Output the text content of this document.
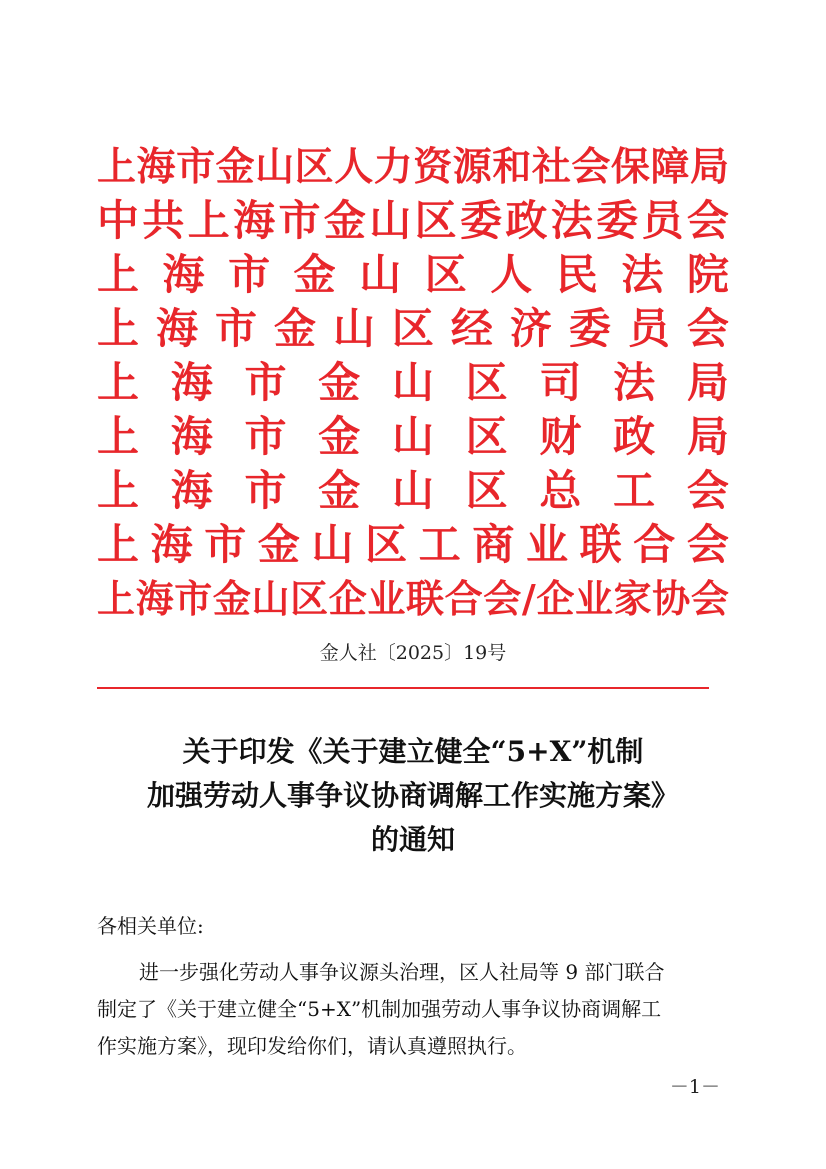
上 海 市 金 山 区 人 力 资 源 和 社 会 保 障 局
中 共 上 海 市 金 山 区 委 政 法 委 员 会
上 海 市 金 山 区 人 民 法 院
上 海 市 金 山 区 经 济 委 员 会
上 海 市 金 山 区 司 法 局
上 海 市 金 山 区 财 政 局
上 海 市 金 山 区 总 工 会
上 海 市 金 山 区 工 商 业 联 合 会
上 海 市 金 山 区 企 业 联 合 会 / 企 业 家 协 会
金人社〔2025〕19号
关于印发《关于建立健全“5+X”机制
加强劳动人事争议协商调解工作实施方案》
的通知
各相关单位:
进一步强化劳动人事争议源头治理，区人社局等 9 部门联合
制定了《关于建立健全“5+X”机制加强劳动人事争议协商调解工
作实施方案》，现印发给你们，请认真遵照执行。
－1－
